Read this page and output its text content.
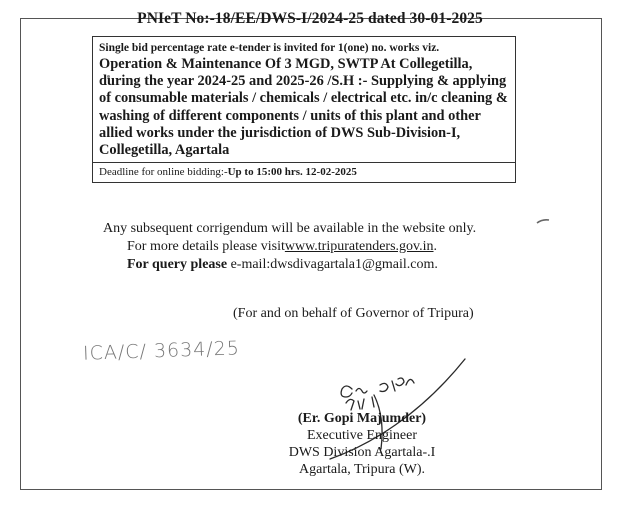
PNIeT No:-18/EE/DWS-I/2024-25 dated 30-01-2025
Single bid percentage rate e-tender is invited for 1(one) no. works viz.
Operation & Maintenance Of 3 MGD, SWTP At Collegetilla, during the year 2024-25 and 2025-26 /S.H :- Supplying & applying of consumable materials / chemicals / electrical etc. in/c cleaning & washing of different components / units of this plant and other allied works under the jurisdiction of DWS Sub-Division-I, Collegetilla, Agartala
Deadline for online bidding:-Up to 15:00 hrs. 12-02-2025
Any subsequent corrigendum will be available in the website only.
For more details please visitwww.tripuratenders.gov.in.
For query please e-mail:dwsdivagartala1@gmail.com.
(For and on behalf of Governor of Tripura)
ICA/C/ 3634/25
(Er. Gopi Majumder)
Executive Engineer
DWS Division Agartala-.I
Agartala, Tripura (W).
